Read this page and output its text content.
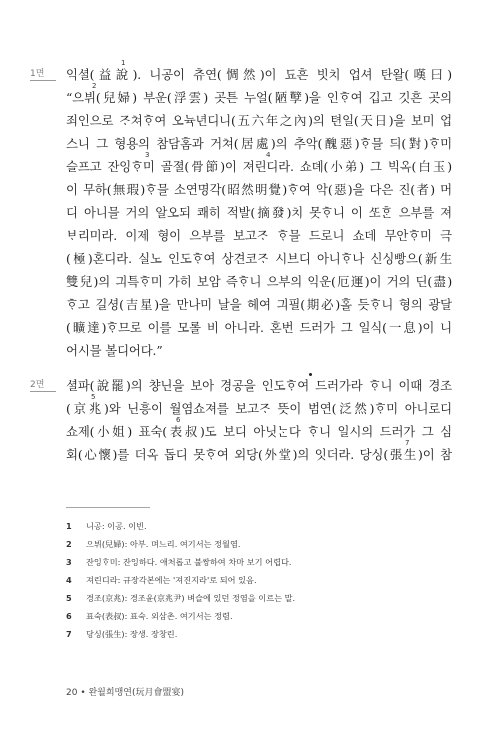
1면 익셜(益說). 니공이 츄연(惆然)이 됴흔 빗치 업셔 탄왈(嘆曰)
“으뷔(兒婦) 부운(浮雲) 곳튼 누얼(陋孼)을 인ᄒᆞ여 깁고 깃흔 곳의
죄인으로 ᄌᆞ쳐ᄒᆞ여 오뉵년디니(五六年之內)의 텬일(天日)을 보미 업
스니 그 형용의 참담홈과 거쳐(居處)의 추악(醜惡)ᄒᆞ믈 듸(對)ᄒᆞ미
슬프고 잔잉ᄒᆞ미 골졀(骨節)이 져린디라. 쇼뎨(小弟) 그 빅옥(白玉)
이 무하(無瑕)ᄒᆞ믈 소연명각(昭然明覺)ᄒᆞ여 악(惡)을 다은 진(者) 머
디 아니믈 거의 알오되 쾌히 적발(摘發)치 못ᄒᆞ니 이 ᄯᅩᄒᆞᆫ 으부를 져
ᄇᆞ리미라. 이제 형이 으부를 보고ᄌᆞ ᄒᆞ믈 드로니 쇼데 무안ᄒᆞ미 극
(極)혼디라. 실노 인도ᄒᆞ여 상견코ᄌᆞ 시브디 아니ᄒᆞ나 신싱빵으(新生
雙兒)의 긔특ᄒᆞ미 가히 보암 즉ᄒᆞ니 으부의 익운(厄運)이 거의 딘(盡)
ᄒᆞ고 길셩(吉星)을 만나미 날을 헤여 긔필(期必)홀 듯ᄒᆞ니 형의 광달
(曠達)ᄒᆞ므로 이를 모롤 비 아니라. 혼번 드러가 그 일식(一息)이 니
어시믈 볼디어다.”
2면 셜파(說罷)의 챵닌을 보아 경공을 인도ᄒᆞ여 드러가라 ᄒᆞ니 이때 경조
(京兆)와 닌흥이 월염쇼져를 보고ᄌᆞ 뜻이 범연(泛然)ᄒᆞ미 아니로디
쇼제(小姐) 표숙(表叔)도 보디 아닛ᄂᆞᆫ다 ᄒᆞ니 일시의 드러가 그 심
회(心懷)를 더옥 돕디 못ᄒᆞ여 외당(外堂)의 잇더라. 당싱(張生)이 참
1
2
3	4
5
6
7
1 니공: 이공. 이빈.
2 으뷔(兒婦): 아부. 며느리. 여기서는 정월염.
3 잔잉ᄒᆞ미: 잔잉하다. 애처롭고 불쌍하여 차마 보기 어렵다.
4 져린디라: 규장각본에는 '져진지라'로 되어 있음.
5 경조(京兆): 경조윤(京兆尹) 벼슬에 있던 정염을 이르는 말.
6 표숙(表叔): 표숙. 외삼촌. 여기서는 정렴.
7 당싱(張生): 장생. 장창린.
20 • 완월희맹연(玩月會盟宴)
